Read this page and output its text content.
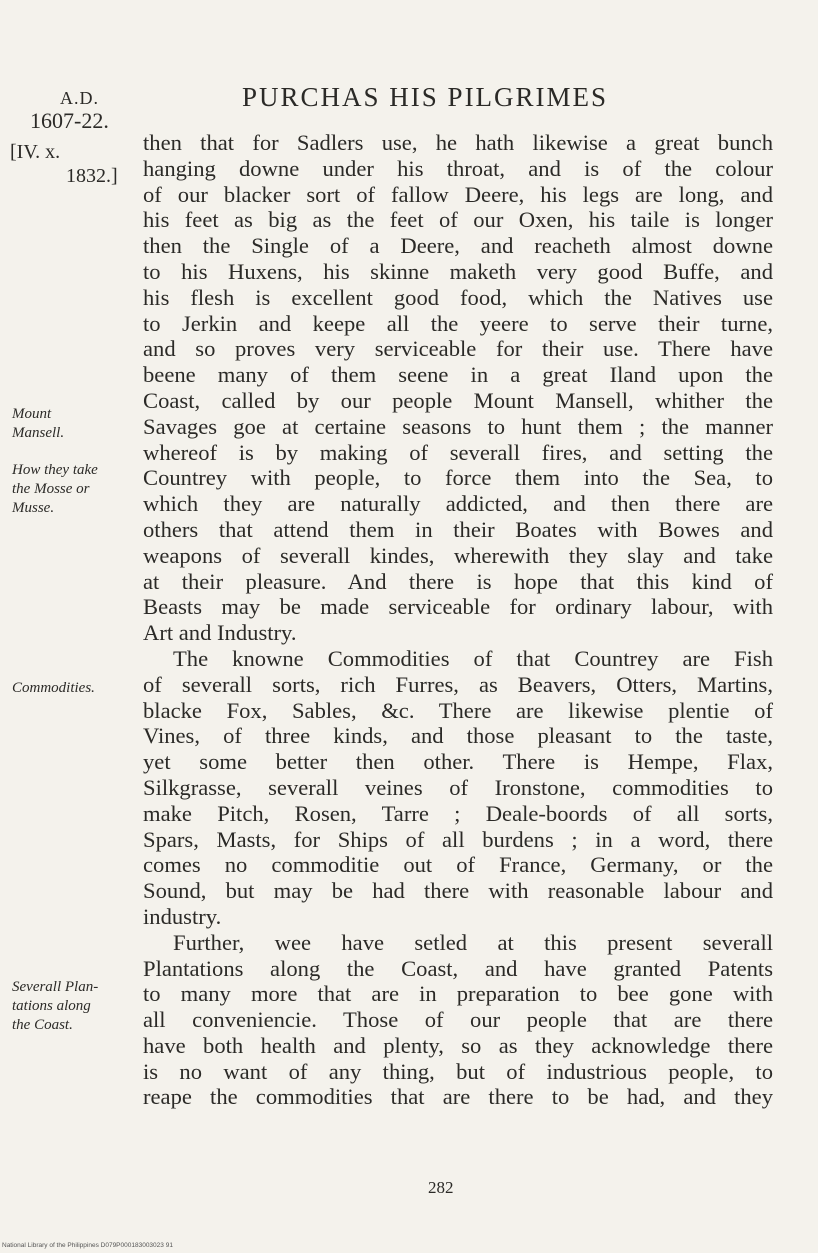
A.D.
1607-22.
[IV. x.
1832.]
PURCHAS HIS PILGRIMES
then that for Sadlers use, he hath likewise a great bunch
hanging downe under his throat, and is of the colour
of our blacker sort of fallow Deere, his legs are long, and
his feet as big as the feet of our Oxen, his taile is longer
then the Single of a Deere, and reacheth almost downe
to his Huxens, his skinne maketh very good Buffe, and
his flesh is excellent good food, which the Natives use
to Jerkin and keepe all the yeere to serve their turne,
and so proves very serviceable for their use. There have
beene many of them seene in a great Iland upon the
Coast, called by our people Mount Mansell, whither the
Savages goe at certaine seasons to hunt them ; the manner
whereof is by making of severall fires, and setting the
Countrey with people, to force them into the Sea, to
which they are naturally addicted, and then there are
others that attend them in their Boates with Bowes and
weapons of severall kindes, wherewith they slay and take
at their pleasure. And there is hope that this kind of
Beasts may be made serviceable for ordinary labour, with
Art and Industry.
The knowne Commodities of that Countrey are Fish
of severall sorts, rich Furres, as Beavers, Otters, Martins,
blacke Fox, Sables, &c. There are likewise plentie of
Vines, of three kinds, and those pleasant to the taste,
yet some better then other. There is Hempe, Flax,
Silkgrasse, severall veines of Ironstone, commodities to
make Pitch, Rosen, Tarre ; Deale-boords of all sorts,
Spars, Masts, for Ships of all burdens ; in a word, there
comes no commoditie out of France, Germany, or the
Sound, but may be had there with reasonable labour and
industry.
Further, wee have setled at this present severall
Plantations along the Coast, and have granted Patents
to many more that are in preparation to bee gone with
all conveniencie. Those of our people that are there
have both health and plenty, so as they acknowledge there
is no want of any thing, but of industrious people, to
reape the commodities that are there to be had, and they
Mount
Mansell.
How they take
the Mosse or
Musse.
Commodities.
Severall Plan-
tations along
the Coast.
282
National Library of the Philippines D079P000183003023 91
